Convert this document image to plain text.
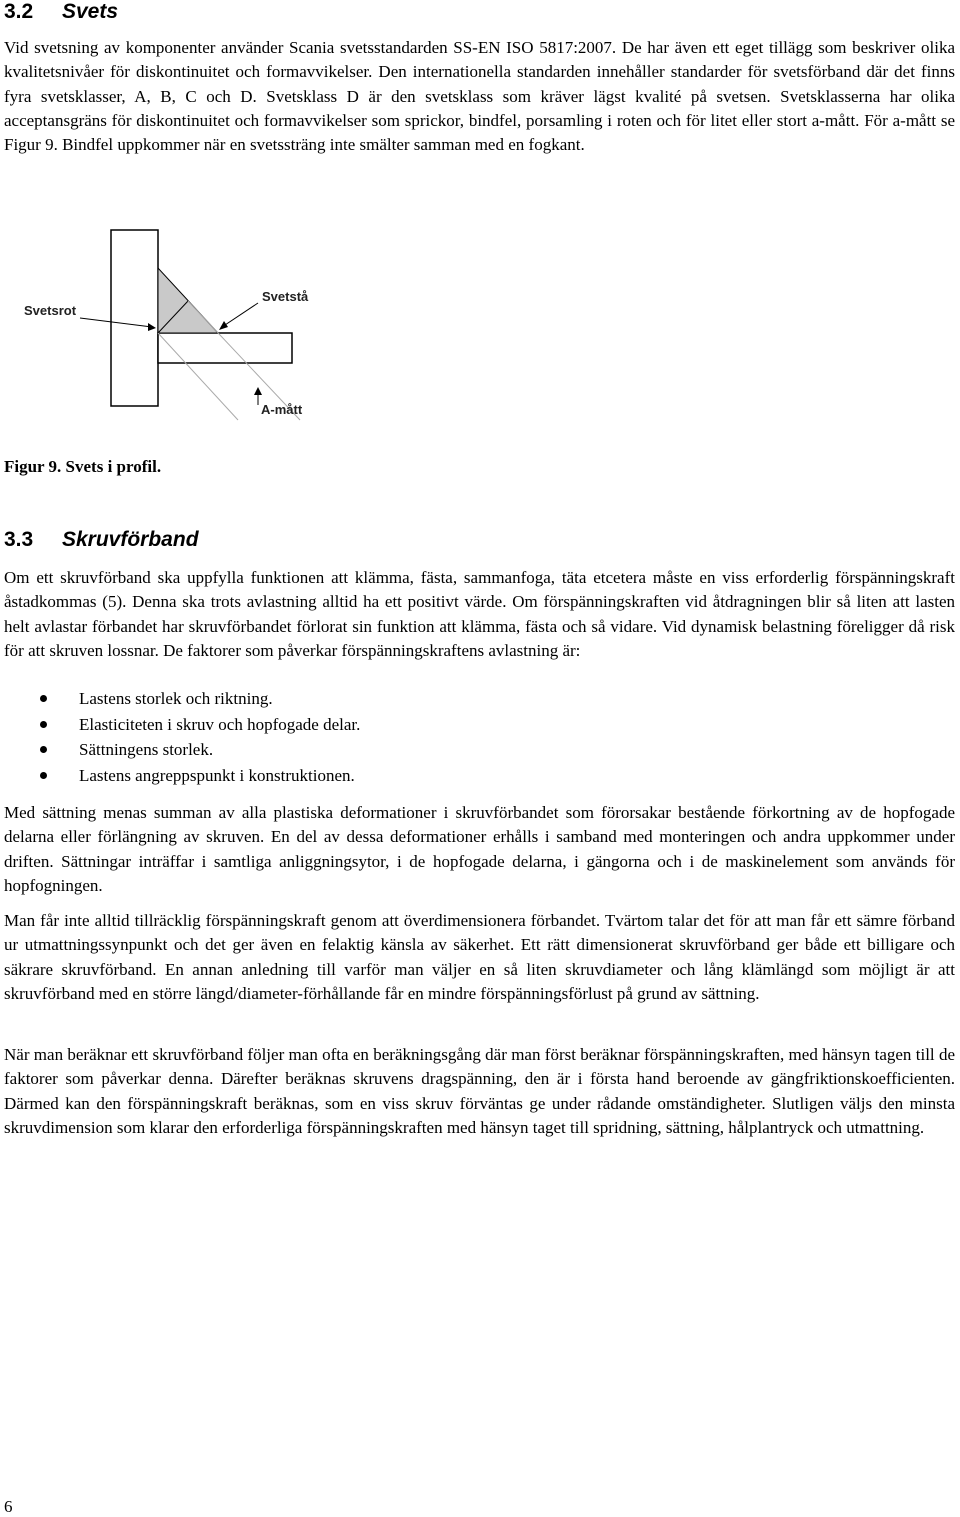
3.2 Svets

Vid svetsning av komponenter använder Scania svetsstandarden SS-EN ISO 5817:2007. De har även ett eget tillägg som beskriver olika kvalitetsnivåer för diskontinuitet och formavvikelser. Den internationella standarden innehåller standarder för svetsförband där det finns fyra svetsklasser, A, B, C och D. Svetsklass D är den svetsklass som kräver lägst kvalité på svetsen. Svetsklasserna har olika acceptansgräns för diskontinuitet och formavvikelser som sprickor, bindfel, porsamling i roten och för litet eller stort a-mått. För a-mått se Figur 9. Bindfel uppkommer när en svetssträng inte smälter samman med en fogkant.

Svetsrot
Svetstå
A-mått

Figur 9. Svets i profil.

3.3 Skruvförband

Om ett skruvförband ska uppfylla funktionen att klämma, fästa, sammanfoga, täta etcetera måste en viss erforderlig förspänningskraft åstadkommas (5). Denna ska trots avlastning alltid ha ett positivt värde. Om förspänningskraften vid åtdragningen blir så liten att lasten helt avlastar förbandet har skruvförbandet förlorat sin funktion att klämma, fästa och så vidare. Vid dynamisk belastning föreligger då risk för att skruven lossnar. De faktorer som påverkar förspänningskraftens avlastning är:

Lastens storlek och riktning.
Elasticiteten i skruv och hopfogade delar.
Sättningens storlek.
Lastens angreppspunkt i konstruktionen.

Med sättning menas summan av alla plastiska deformationer i skruvförbandet som förorsakar bestående förkortning av de hopfogade delarna eller förlängning av skruven. En del av dessa deformationer erhålls i samband med monteringen och andra uppkommer under driften. Sättningar inträffar i samtliga anliggningsytor, i de hopfogade delarna, i gängorna och i de maskinelement som används för hopfogningen.

Man får inte alltid tillräcklig förspänningskraft genom att överdimensionera förbandet. Tvärtom talar det för att man får ett sämre förband ur utmattningssynpunkt och det ger även en felaktig känsla av säkerhet. Ett rätt dimensionerat skruvförband ger både ett billigare och säkrare skruvförband. En annan anledning till varför man väljer en så liten skruvdiameter och lång klämlängd som möjligt är att skruvförband med en större längd/diameter-förhållande får en mindre förspänningsförlust på grund av sättning.

När man beräknar ett skruvförband följer man ofta en beräkningsgång där man först beräknar förspänningskraften, med hänsyn tagen till de faktorer som påverkar denna. Därefter beräknas skruvens dragspänning, den är i första hand beroende av gängfriktionskoefficienten. Därmed kan den förspänningskraft beräknas, som en viss skruv förväntas ge under rådande omständigheter. Slutligen väljs den minsta skruvdimension som klarar den erforderliga förspänningskraften med hänsyn taget till spridning, sättning, hålplantryck och utmattning.

6
